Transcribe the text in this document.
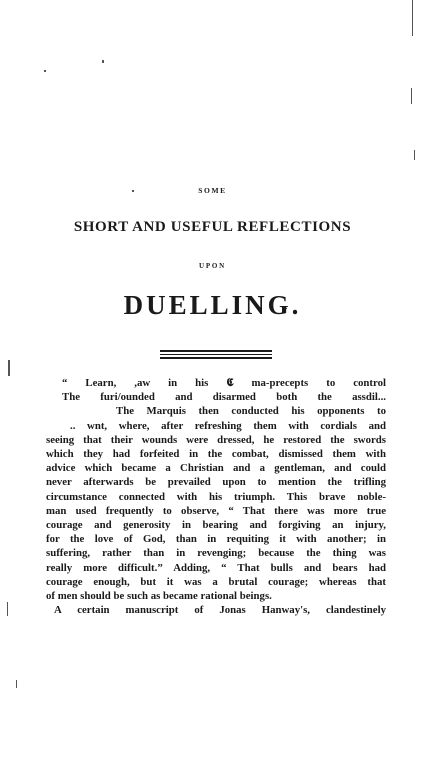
SOME
SHORT AND USEFUL REFLECTIONS
UPON
DUELLING.
“ Learn, ,aw in his 𝕮 ma-precepts to control
The furi/ounded and disarmed both the assdil...
The Marquis then conducted his opponents to
.. wnt, where, after refreshing them with cordials and
seeing that their wounds were dressed, he restored the swords
which they had forfeited in the combat, dismissed them with
advice which became a Christian and a gentleman, and could
never afterwards be prevailed upon to mention the trifling
circumstance connected with his triumph. This brave noble-
man used frequently to observe, “ That there was more true
courage and generosity in bearing and forgiving an injury,
for the love of God, than in requiting it with another; in
suffering, rather than in revenging; because the thing was
really more difficult.” Adding, “ That bulls and bears had
courage enough, but it was a brutal courage; whereas that
of men should be such as became rational beings.
A certain manuscript of Jonas Hanway's, clandestinely
